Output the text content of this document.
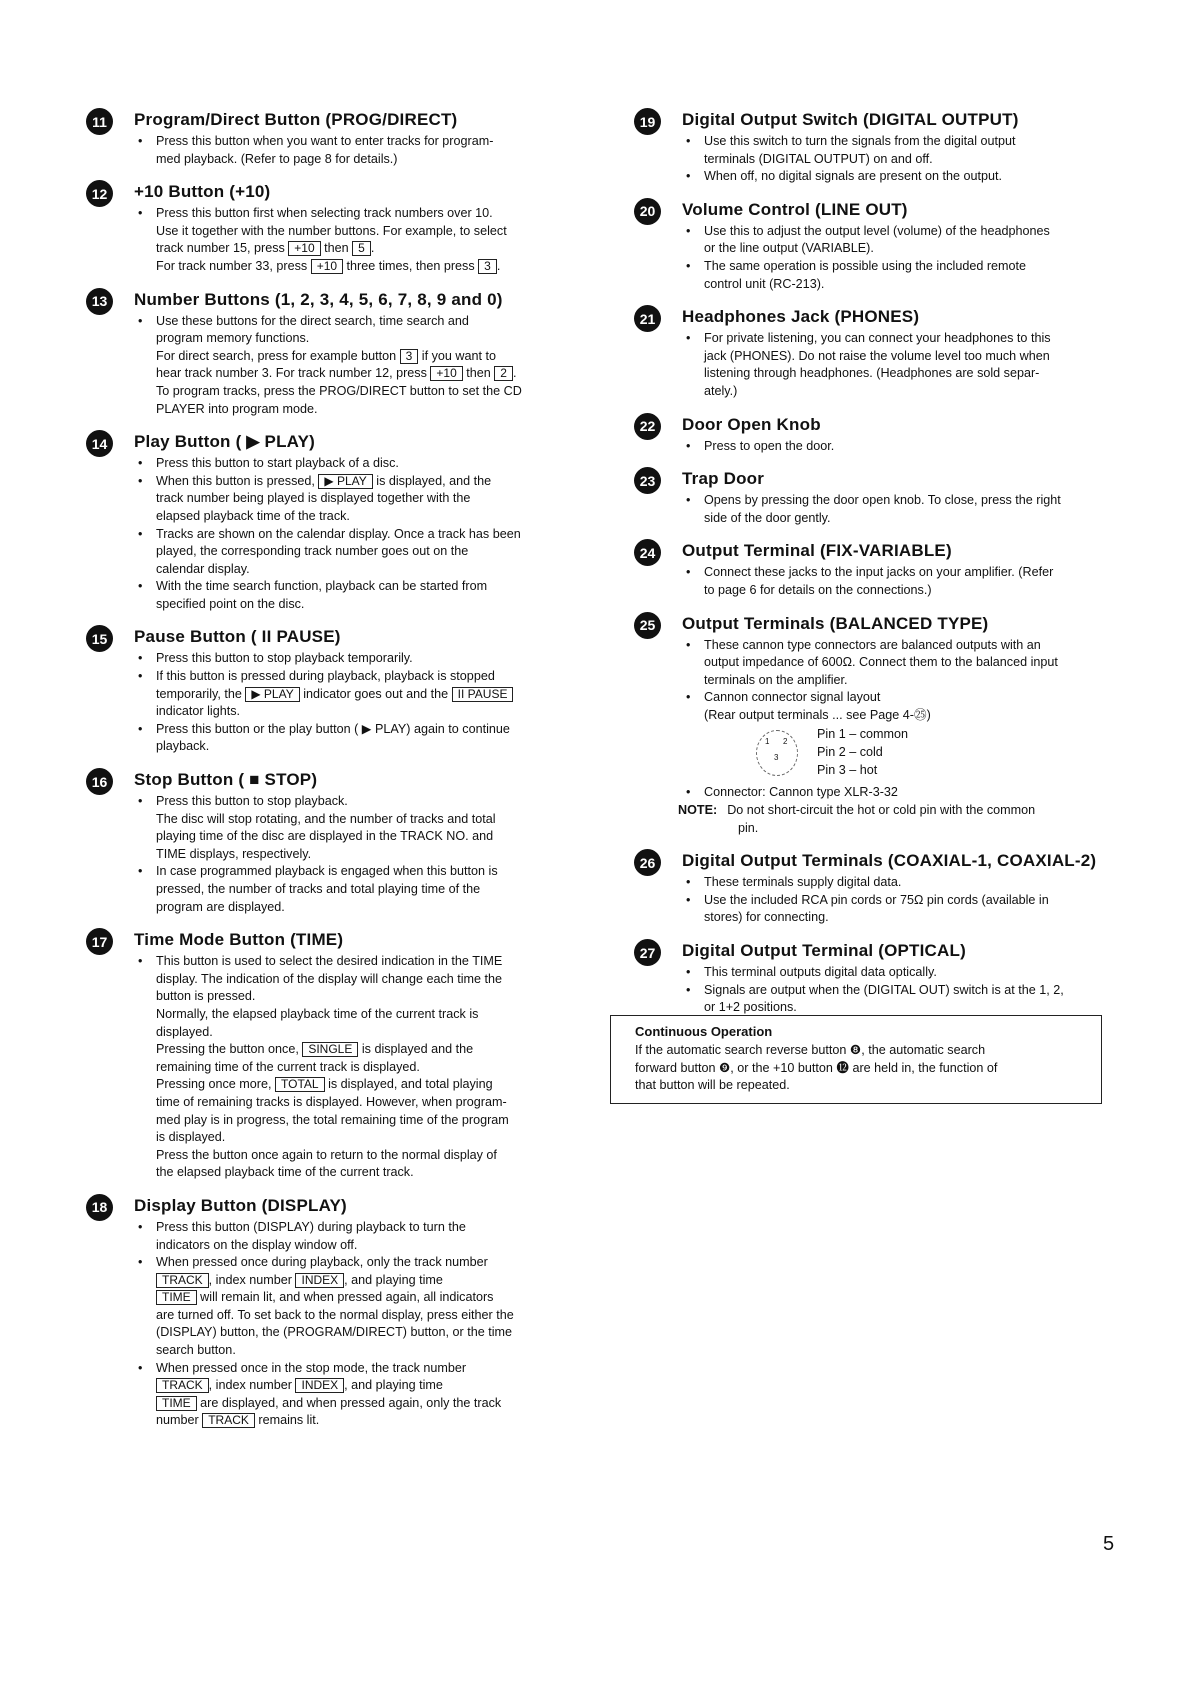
11	Program/Direct Button (PROG/DIRECT)
• Press this button when you want to enter tracks for program-
med playback. (Refer to page 8 for details.)
12	+10 Button (+10)
• Press this button first when selecting track numbers over 10.
Use it together with the number buttons. For example, to select
track number 15, press +10 then 5 .
For track number 33, press +10 three times, then press 3 .
13	Number Buttons (1, 2, 3, 4, 5, 6, 7, 8, 9 and 0)
• Use these buttons for the direct search, time search and
program memory functions.
For direct search, press for example button 3 if you want to
hear track number 3. For track number 12, press +10 then 2 .
To program tracks, press the PROG/DIRECT button to set the CD
PLAYER into program mode.
14	Play Button ( ▶ PLAY)
• Press this button to start playback of a disc.
• When this button is pressed, ▶ PLAY is displayed, and the
track number being played is displayed together with the
elapsed playback time of the track.
• Tracks are shown on the calendar display. Once a track has been
played, the corresponding track number goes out on the
calendar display.
• With the time search function, playback can be started from
specified point on the disc.
15	Pause Button ( II PAUSE)
• Press this button to stop playback temporarily.
• If this button is pressed during playback, playback is stopped
temporarily, the ▶ PLAY indicator goes out and the II PAUSE
indicator lights.
• Press this button or the play button ( ▶ PLAY) again to continue
playback.
16	Stop Button ( ■ STOP)
• Press this button to stop playback.
The disc will stop rotating, and the number of tracks and total
playing time of the disc are displayed in the TRACK NO. and
TIME displays, respectively.
• In case programmed playback is engaged when this button is
pressed, the number of tracks and total playing time of the
program are displayed.
17	Time Mode Button (TIME)
• This button is used to select the desired indication in the TIME
display. The indication of the display will change each time the
button is pressed.
Normally, the elapsed playback time of the current track is
displayed.
Pressing the button once, SINGLE is displayed and the
remaining time of the current track is displayed.
Pressing once more, TOTAL is displayed, and total playing
time of remaining tracks is displayed. However, when program-
med play is in progress, the total remaining time of the program
is displayed.
Press the button once again to return to the normal display of
the elapsed playback time of the current track.
18	Display Button (DISPLAY)
• Press this button (DISPLAY) during playback to turn the
indicators on the display window off.
• When pressed once during playback, only the track number
TRACK , index number INDEX , and playing time
TIME will remain lit, and when pressed again, all indicators
are turned off. To set back to the normal display, press either the
(DISPLAY) button, the (PROGRAM/DIRECT) button, or the time
search button.
• When pressed once in the stop mode, the track number
TRACK , index number INDEX , and playing time
TIME are displayed, and when pressed again, only the track
number TRACK remains lit.
19	Digital Output Switch (DIGITAL OUTPUT)
• Use this switch to turn the signals from the digital output
terminals (DIGITAL OUTPUT) on and off.
• When off, no digital signals are present on the output.
20	Volume Control (LINE OUT)
• Use this to adjust the output level (volume) of the headphones
or the line output (VARIABLE).
• The same operation is possible using the included remote
control unit (RC-213).
21	Headphones Jack (PHONES)
• For private listening, you can connect your headphones to this
jack (PHONES). Do not raise the volume level too much when
listening through headphones. (Headphones are sold separ-
ately.)
22	Door Open Knob
• Press to open the door.
23	Trap Door
• Opens by pressing the door open knob. To close, press the right
side of the door gently.
24	Output Terminal (FIX-VARIABLE)
• Connect these jacks to the input jacks on your amplifier. (Refer
to page 6 for details on the connections.)
25	Output Terminals (BALANCED TYPE)
• These cannon type connectors are balanced outputs with an
output impedance of 600Ω. Connect them to the balanced input
terminals on the amplifier.
• Cannon connector signal layout
(Rear output terminals ... see Page 4-㉕)
1 2
3
Pin 1 – common
Pin 2 – cold
Pin 3 – hot
• Connector: Cannon type XLR-3-32
NOTE: Do not short-circuit the hot or cold pin with the common
pin.
26	Digital Output Terminals (COAXIAL-1, COAXIAL-2)
• These terminals supply digital data.
• Use the included RCA pin cords or 75Ω pin cords (available in
stores) for connecting.
27	Digital Output Terminal (OPTICAL)
• This terminal outputs digital data optically.
• Signals are output when the (DIGITAL OUT) switch is at the 1, 2,
or 1+2 positions.
Continuous Operation
If the automatic search reverse button ❽, the automatic search
forward button ❾, or the +10 button ⓬ are held in, the function of
that button will be repeated.
5
